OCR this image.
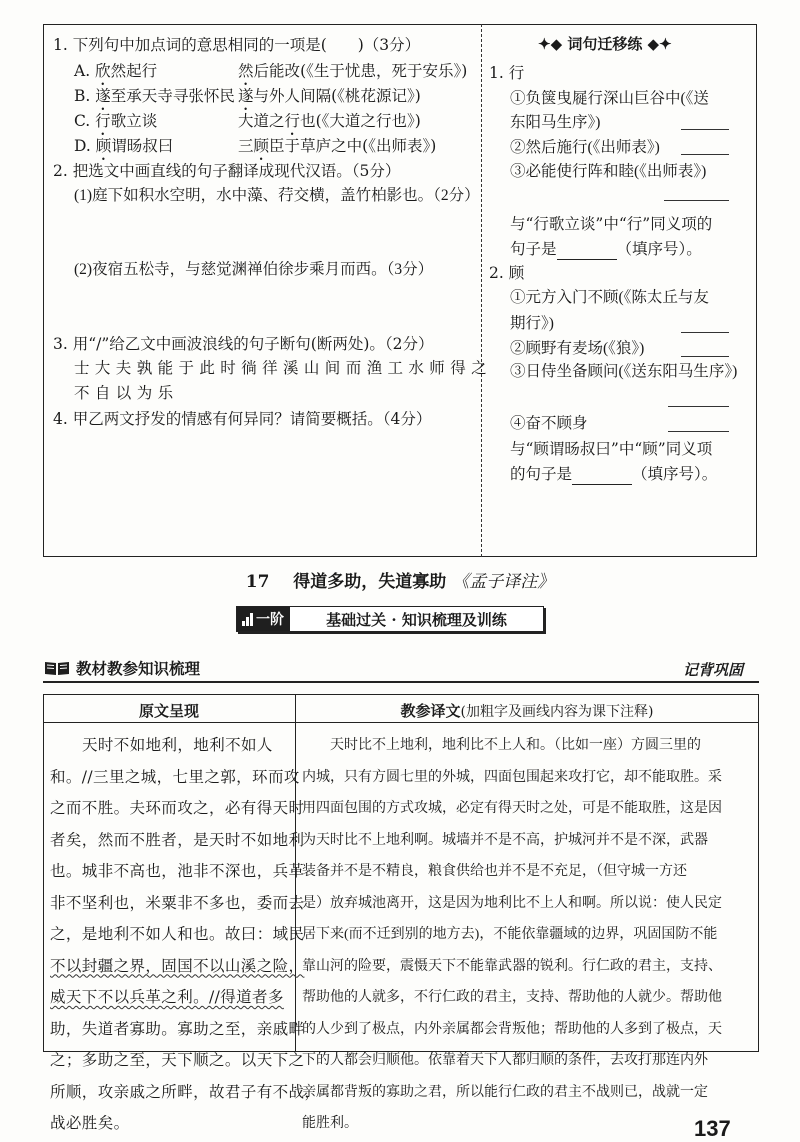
1. 下列句中加点词的意思相同的一项是(　　)（3分）
A. 欣然起行	然后能改(《生于忧患，死于安乐》)
B. 遂至承天寺寻张怀民 遂与外人间隔(《桃花源记》)
C. 行歌立谈	大道之行也(《大道之行也》)
D. 顾谓旸叔曰	三顾臣于草庐之中(《出师表》)
2. 把选文中画直线的句子翻译成现代汉语。（5分）
(1)庭下如积水空明，水中藻、荇交横，盖竹柏影也。（2分）
(2)夜宿五松寺，与慈觉渊禅伯徐步乘月而西。（3分）
3. 用“/”给乙文中画波浪线的句子断句(断两处)。（2分）
士大夫孰能于此时徜徉溪山间而渔工水师得之
不自以为乐
4. 甲乙两文抒发的情感有何异同？请简要概括。（4分）
✦◆ 词句迁移练 ◆✦
1. 行
①负箧曳屣行深山巨谷中(《送
东阳马生序》)
②然后施行(《出师表》)
③必能使行阵和睦(《出师表》)
与“行歌立谈”中“行”同义项的
句子是	（填序号）。
2. 顾
①元方入门不顾(《陈太丘与友
期行》)
②顾野有麦场(《狼》)
③日侍坐备顾问(《送东阳马生序》)
④奋不顾身
与“顾谓旸叔曰”中“顾”同义项
的句子是	（填序号）。
17 得道多助，失道寡助 《孟子译注》
一阶	基础过关 · 知识梳理及训练
教材教参知识梳理	记背巩固
原文呈现	教参译文(加粗字及画线内容为课下注释)
天时不如地利，地利不如人
和。//三里之城，七里之郭，环而攻
之而不胜。夫环而攻之，必有得天时
者矣，然而不胜者，是天时不如地利
也。城非不高也，池非不深也，兵革
非不坚利也，米粟非不多也，委而去
之，是地利不如人和也。故曰：域民
不以封疆之界，固国不以山溪之险，
威天下不以兵革之利。//得道者多
助，失道者寡助。寡助之至，亲戚畔
之；多助之至，天下顺之。以天下之
所顺，攻亲戚之所畔，故君子有不战，
战必胜矣。
天时比不上地利，地利比不上人和。（比如一座）方圆三里的
内城，只有方圆七里的外城，四面包围起来攻打它，却不能取胜。采
用四面包围的方式攻城，必定有得天时之处，可是不能取胜，这是因
为天时比不上地利啊。城墙并不是不高，护城河并不是不深，武器
装备并不是不精良，粮食供给也并不是不充足，（但守城一方还
是）放弃城池离开，这是因为地利比不上人和啊。所以说：使人民定
居下来(而不迁到别的地方去)，不能依靠疆域的边界，巩固国防不能
靠山河的险要，震慑天下不能靠武器的锐利。行仁政的君主，支持、
帮助他的人就多，不行仁政的君主，支持、帮助他的人就少。帮助他
的人少到了极点，内外亲属都会背叛他；帮助他的人多到了极点，天
下的人都会归顺他。依靠着天下人都归顺的条件，去攻打那连内外
亲属都背叛的寡助之君，所以能行仁政的君主不战则已，战就一定
能胜利。	137
